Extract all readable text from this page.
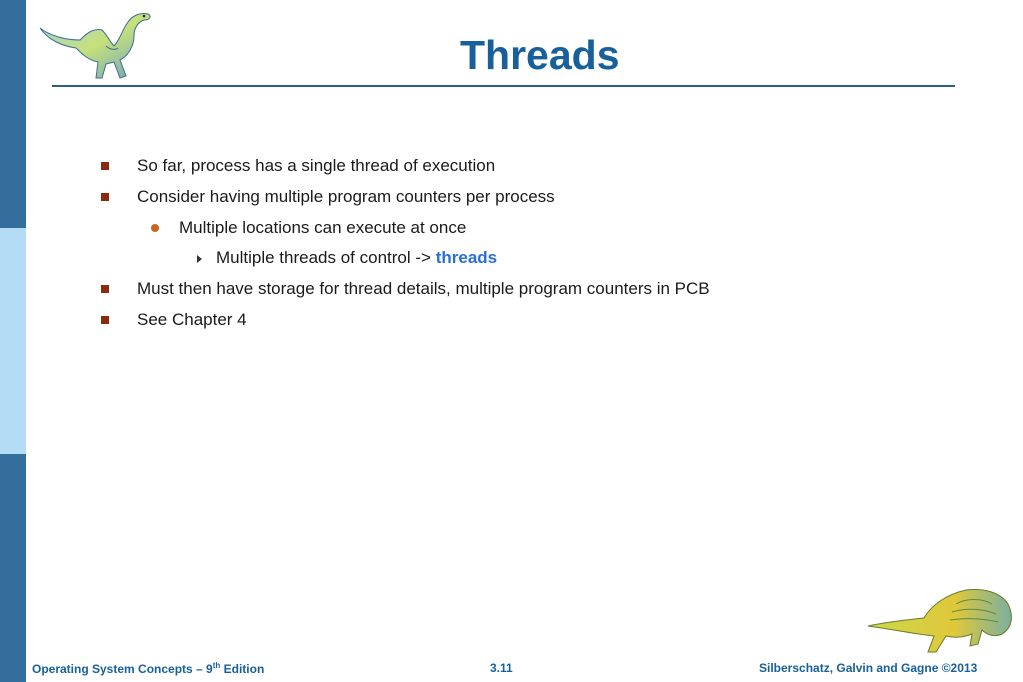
Threads
So far, process has a single thread of execution
Consider having multiple program counters per process
Multiple locations can execute at once
Multiple threads of control -> threads
Must then have storage for thread details, multiple program counters in PCB
See Chapter 4
Operating System Concepts – 9th Edition	3.11	Silberschatz, Galvin and Gagne ©2013
